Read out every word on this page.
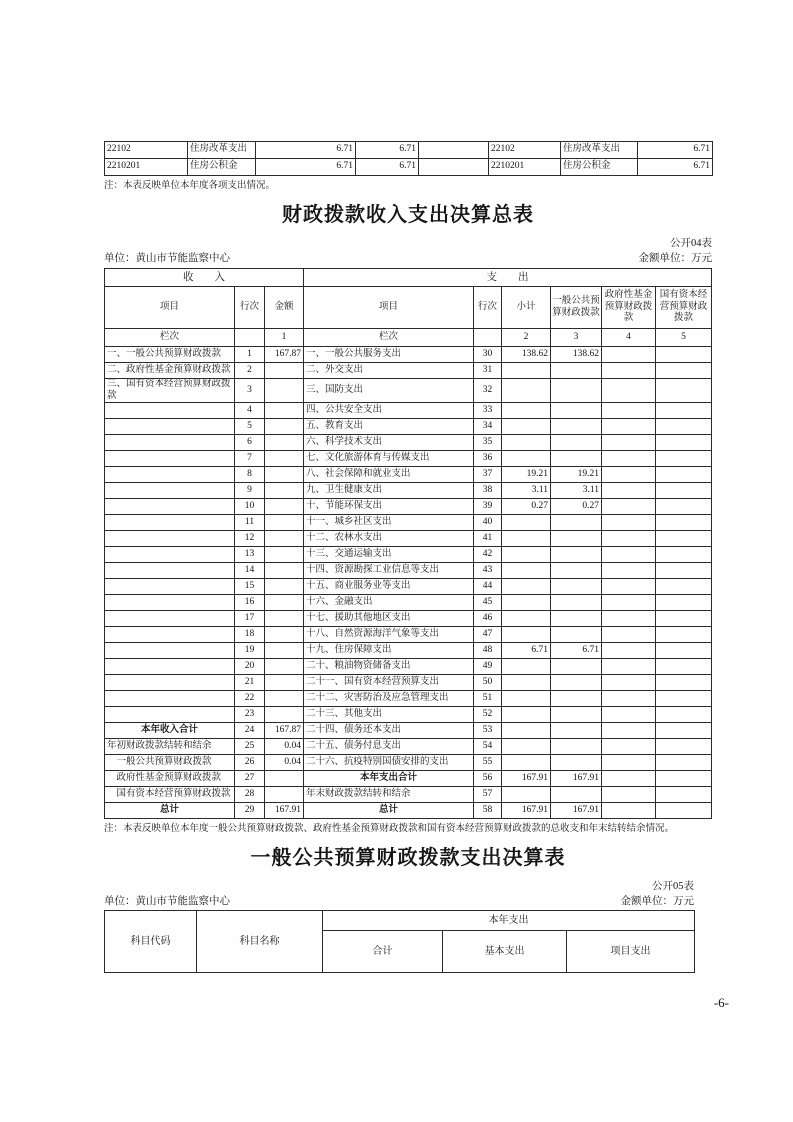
22102	住房改革支出	6.71	6.71		22102	住房改革支出	6.71
2210201	住房公积金	6.71	6.71		2210201	住房公积金	6.71
注：本表反映单位本年度各项支出情况。
财政拨款收入支出决算总表
公开04表
单位：黄山市节能监察中心	金额单位：万元
收　　入			支　　出					
项目	行次	金额	项目	行次	小计	一般公共预算财政拨款	政府性基金预算财政拨款	国有资本经营预算财政拨款
栏次		1	栏次		2	3	4	5
一、一般公共预算财政拨款	1	167.87	一、一般公共服务支出	30	138.62	138.62		
二、政府性基金预算财政拨款	2		二、外交支出	31				
三、国有资本经营预算财政拨款	3		三、国防支出	32				
	4		四、公共安全支出	33				
	5		五、教育支出	34				
	6		六、科学技术支出	35				
	7		七、文化旅游体育与传媒支出	36				
	8		八、社会保障和就业支出	37	19.21	19.21		
	9		九、卫生健康支出	38	3.11	3.11		
	10		十、节能环保支出	39	0.27	0.27		
	11		十一、城乡社区支出	40				
	12		十二、农林水支出	41				
	13		十三、交通运输支出	42				
	14		十四、资源勘探工业信息等支出	43				
	15		十五、商业服务业等支出	44				
	16		十六、金融支出	45				
	17		十七、援助其他地区支出	46				
	18		十八、自然资源海洋气象等支出	47				
	19		十九、住房保障支出	48	6.71	6.71		
	20		二十、粮油物资储备支出	49				
	21		二十一、国有资本经营预算支出	50				
	22		二十二、灾害防治及应急管理支出	51				
	23		二十三、其他支出	52				
本年收入合计	24	167.87	二十四、债务还本支出	53				
年初财政拨款结转和结余	25	0.04	二十五、债务付息支出	54				
　一般公共预算财政拨款	26	0.04	二十六、抗疫特别国债安排的支出	55				
　政府性基金预算财政拨款	27		本年支出合计	56	167.91	167.91		
　国有资本经营预算财政拨款	28		年末财政拨款结转和结余	57				
总计	29	167.91	总计	58	167.91	167.91		
注：本表反映单位本年度一般公共预算财政拨款、政府性基金预算财政拨款和国有资本经营预算财政拨款的总收支和年末结转结余情况。
一般公共预算财政拨款支出决算表
公开05表
单位：黄山市节能监察中心	金额单位：万元
科目代码	科目名称	本年支出		
		合计	基本支出	项目支出
-6-
